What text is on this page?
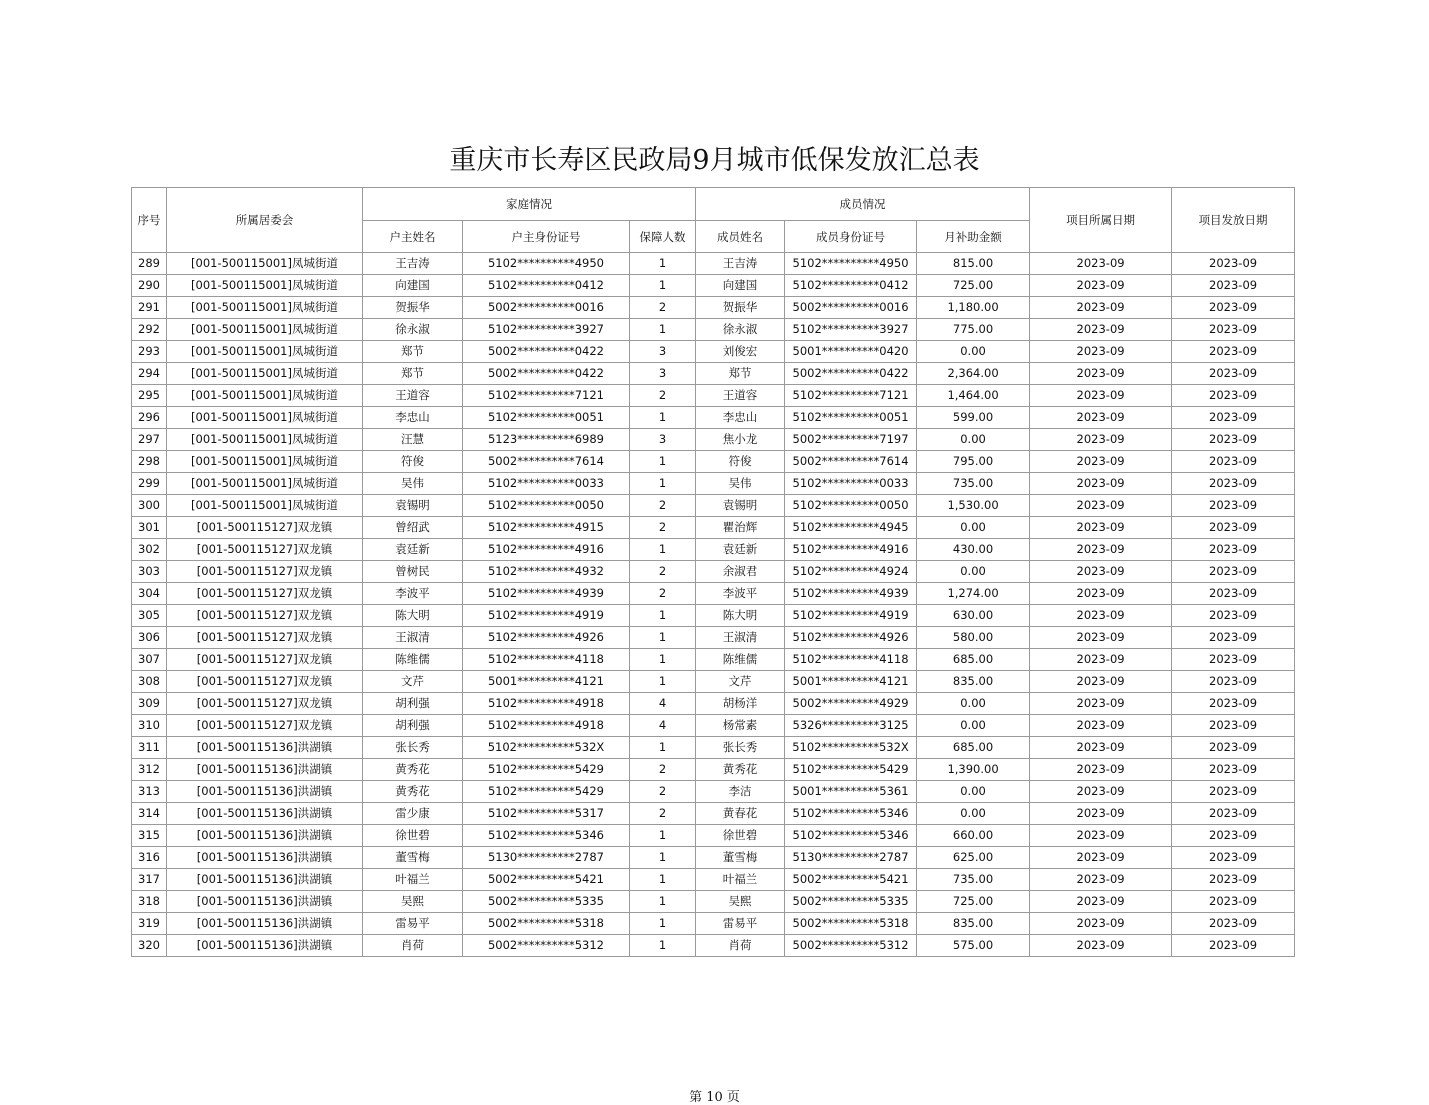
重庆市长寿区民政局9月城市低保发放汇总表
序号	所属居委会	家庭情况			成员情况			项目所属日期	项目发放日期
		户主姓名	户主身份证号	保障人数	成员姓名	成员身份证号	月补助金额		
289	[001-500115001]凤城街道	王吉涛	5102**********4950	1	王吉涛	5102**********4950	815.00	2023-09	2023-09
290	[001-500115001]凤城街道	向建国	5102**********0412	1	向建国	5102**********0412	725.00	2023-09	2023-09
291	[001-500115001]凤城街道	贺振华	5002**********0016	2	贺振华	5002**********0016	1,180.00	2023-09	2023-09
292	[001-500115001]凤城街道	徐永淑	5102**********3927	1	徐永淑	5102**********3927	775.00	2023-09	2023-09
293	[001-500115001]凤城街道	郑节	5002**********0422	3	刘俊宏	5001**********0420	0.00	2023-09	2023-09
294	[001-500115001]凤城街道	郑节	5002**********0422	3	郑节	5002**********0422	2,364.00	2023-09	2023-09
295	[001-500115001]凤城街道	王道容	5102**********7121	2	王道容	5102**********7121	1,464.00	2023-09	2023-09
296	[001-500115001]凤城街道	李忠山	5102**********0051	1	李忠山	5102**********0051	599.00	2023-09	2023-09
297	[001-500115001]凤城街道	汪慧	5123**********6989	3	焦小龙	5002**********7197	0.00	2023-09	2023-09
298	[001-500115001]凤城街道	符俊	5002**********7614	1	符俊	5002**********7614	795.00	2023-09	2023-09
299	[001-500115001]凤城街道	吴伟	5102**********0033	1	吴伟	5102**********0033	735.00	2023-09	2023-09
300	[001-500115001]凤城街道	袁锡明	5102**********0050	2	袁锡明	5102**********0050	1,530.00	2023-09	2023-09
301	[001-500115127]双龙镇	曾绍武	5102**********4915	2	瞿治辉	5102**********4945	0.00	2023-09	2023-09
302	[001-500115127]双龙镇	袁廷新	5102**********4916	1	袁廷新	5102**********4916	430.00	2023-09	2023-09
303	[001-500115127]双龙镇	曾树民	5102**********4932	2	余淑君	5102**********4924	0.00	2023-09	2023-09
304	[001-500115127]双龙镇	李波平	5102**********4939	2	李波平	5102**********4939	1,274.00	2023-09	2023-09
305	[001-500115127]双龙镇	陈大明	5102**********4919	1	陈大明	5102**********4919	630.00	2023-09	2023-09
306	[001-500115127]双龙镇	王淑清	5102**********4926	1	王淑清	5102**********4926	580.00	2023-09	2023-09
307	[001-500115127]双龙镇	陈维儒	5102**********4118	1	陈维儒	5102**********4118	685.00	2023-09	2023-09
308	[001-500115127]双龙镇	文芹	5001**********4121	1	文芹	5001**********4121	835.00	2023-09	2023-09
309	[001-500115127]双龙镇	胡利强	5102**********4918	4	胡杨洋	5002**********4929	0.00	2023-09	2023-09
310	[001-500115127]双龙镇	胡利强	5102**********4918	4	杨常素	5326**********3125	0.00	2023-09	2023-09
311	[001-500115136]洪湖镇	张长秀	5102**********532X	1	张长秀	5102**********532X	685.00	2023-09	2023-09
312	[001-500115136]洪湖镇	黄秀花	5102**********5429	2	黄秀花	5102**********5429	1,390.00	2023-09	2023-09
313	[001-500115136]洪湖镇	黄秀花	5102**********5429	2	李洁	5001**********5361	0.00	2023-09	2023-09
314	[001-500115136]洪湖镇	雷少康	5102**********5317	2	黄春花	5102**********5346	0.00	2023-09	2023-09
315	[001-500115136]洪湖镇	徐世碧	5102**********5346	1	徐世碧	5102**********5346	660.00	2023-09	2023-09
316	[001-500115136]洪湖镇	董雪梅	5130**********2787	1	董雪梅	5130**********2787	625.00	2023-09	2023-09
317	[001-500115136]洪湖镇	叶福兰	5002**********5421	1	叶福兰	5002**********5421	735.00	2023-09	2023-09
318	[001-500115136]洪湖镇	吴熙	5002**********5335	1	吴熙	5002**********5335	725.00	2023-09	2023-09
319	[001-500115136]洪湖镇	雷易平	5002**********5318	1	雷易平	5002**********5318	835.00	2023-09	2023-09
320	[001-500115136]洪湖镇	肖荷	5002**********5312	1	肖荷	5002**********5312	575.00	2023-09	2023-09
第 10 页
